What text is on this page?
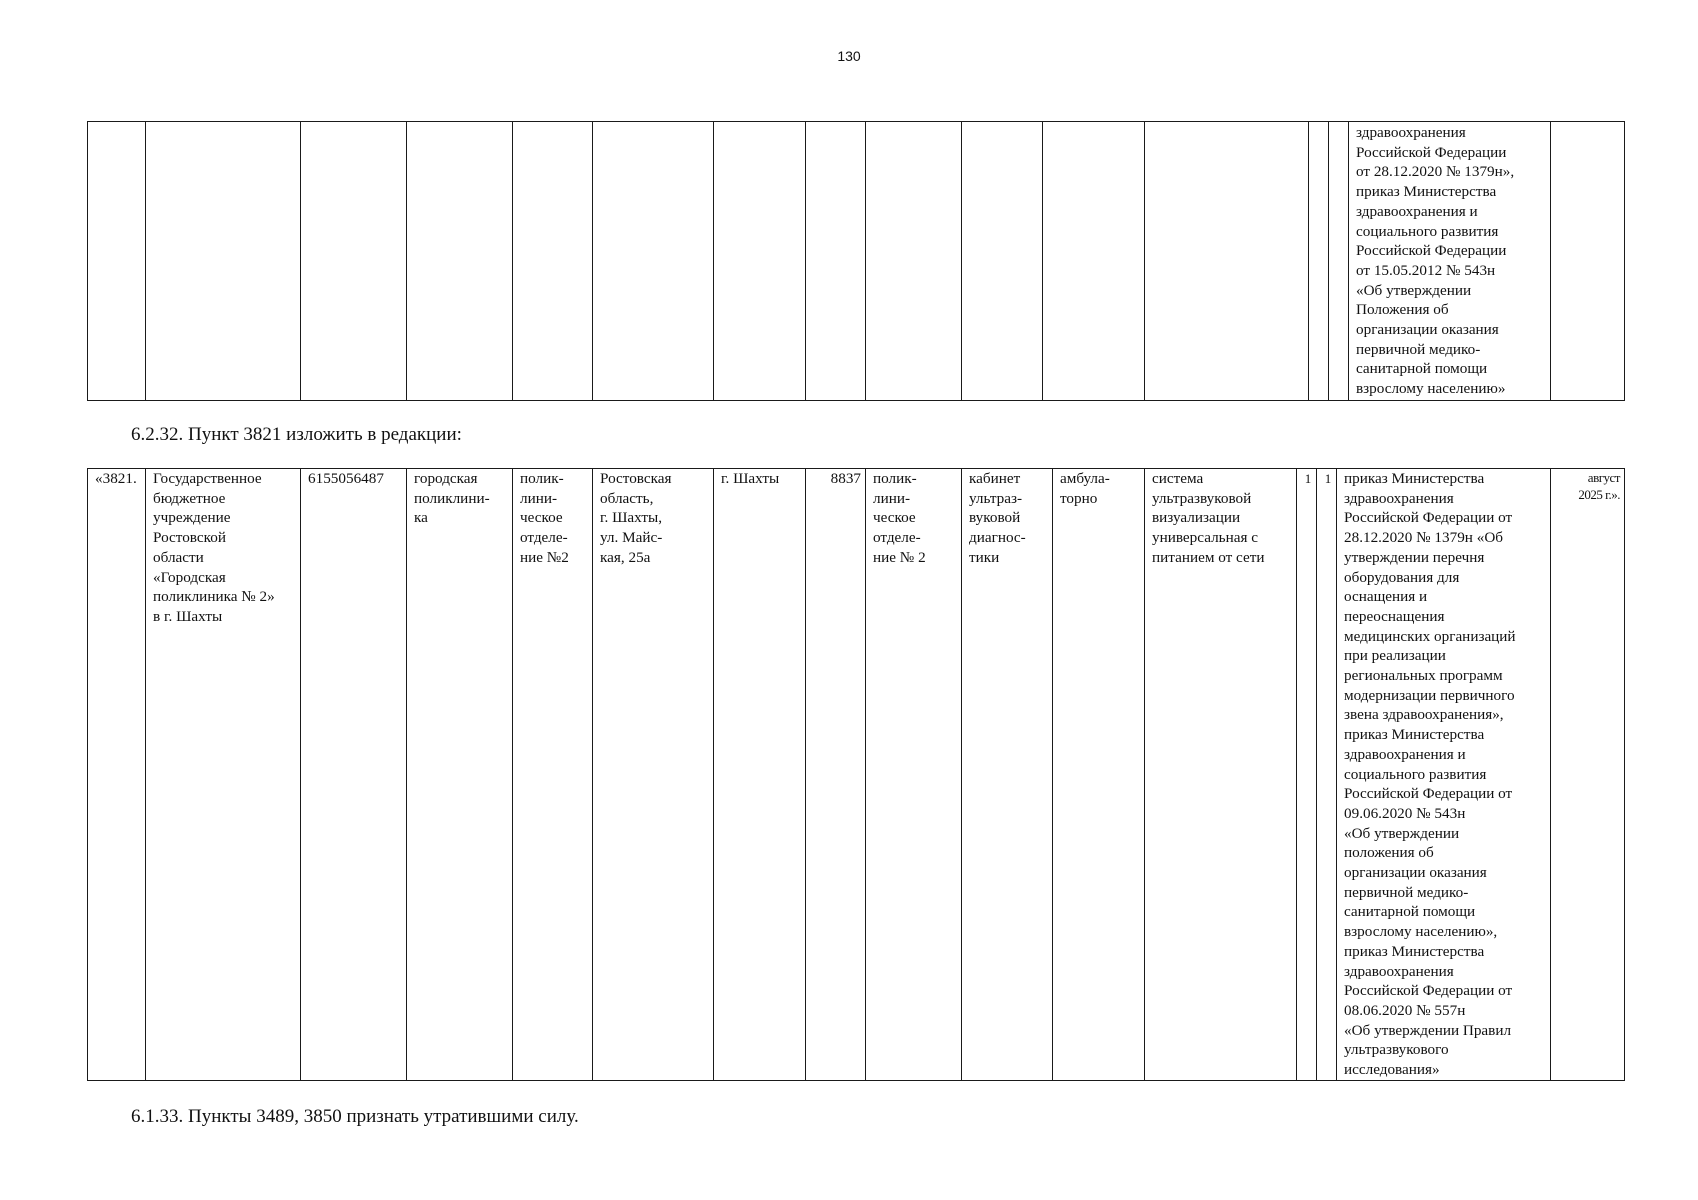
130
														здравоохранения
Российской Федерации
от 28.12.2020 № 1379н»,
приказ Министерства
здравоохранения и
социального развития
Российской Федерации
от 15.05.2012 № 543н
«Об утверждении
Положения об
организации оказания
первичной медико-
санитарной помощи
взрослому населению»	
6.2.32. Пункт 3821 изложить в редакции:
«3821.	Государственное
бюджетное
учреждение
Ростовской
области
«Городская
поликлиника № 2»
в г. Шахты	6155056487	городская
поликлини-
ка	полик-
лини-
ческое
отделе-
ние №2	Ростовская
область,
г. Шахты,
ул. Майс-
кая, 25а	г. Шахты	8837	полик-
лини-
ческое
отделе-
ние № 2	кабинет
ультраз-
вуковой
диагнос-
тики	амбула-
торно	система
ультразвуковой
визуализации
универсальная с
питанием от сети	1	1	приказ Министерства
здравоохранения
Российской Федерации от
28.12.2020 № 1379н «Об
утверждении перечня
оборудования для
оснащения и
переоснащения
медицинских организаций
при реализации
региональных программ
модернизации первичного
звена здравоохранения»,
приказ Министерства
здравоохранения и
социального развития
Российской Федерации от
09.06.2020 № 543н
«Об утверждении
положения об
организации оказания
первичной медико-
санитарной помощи
взрослому населению»,
приказ Министерства
здравоохранения
Российской Федерации от
08.06.2020 № 557н
«Об утверждении Правил
ультразвукового
исследования»	август
2025 г.».
6.1.33. Пункты 3489, 3850 признать утратившими силу.
